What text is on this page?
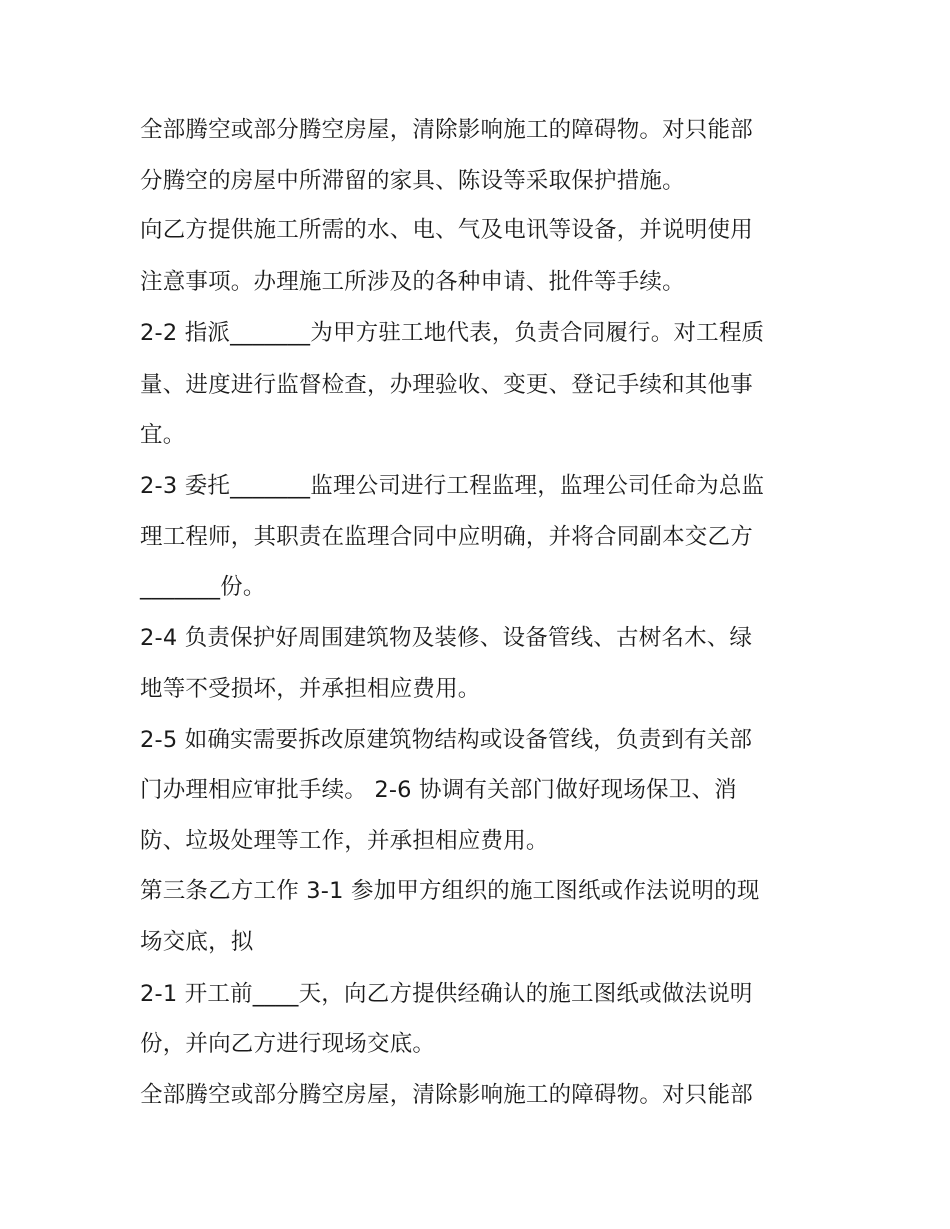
全部腾空或部分腾空房屋，清除影响施工的障碍物。对只能部
分腾空的房屋中所滞留的家具、陈设等采取保护措施。
向乙方提供施工所需的水、电、气及电讯等设备，并说明使用
注意事项。办理施工所涉及的各种申请、批件等手续。
2-2 指派_______为甲方驻工地代表，负责合同履行。对工程质
量、进度进行监督检查，办理验收、变更、登记手续和其他事
宜。
2-3 委托_______监理公司进行工程监理，监理公司任命为总监
理工程师，其职责在监理合同中应明确，并将合同副本交乙方
_______份。
2-4 负责保护好周围建筑物及装修、设备管线、古树名木、绿
地等不受损坏，并承担相应费用。
2-5 如确实需要拆改原建筑物结构或设备管线，负责到有关部
门办理相应审批手续。 2-6 协调有关部门做好现场保卫、消
防、垃圾处理等工作，并承担相应费用。
第三条乙方工作 3-1 参加甲方组织的施工图纸或作法说明的现
场交底，拟
2-1 开工前____天，向乙方提供经确认的施工图纸或做法说明
份，并向乙方进行现场交底。
全部腾空或部分腾空房屋，清除影响施工的障碍物。对只能部
